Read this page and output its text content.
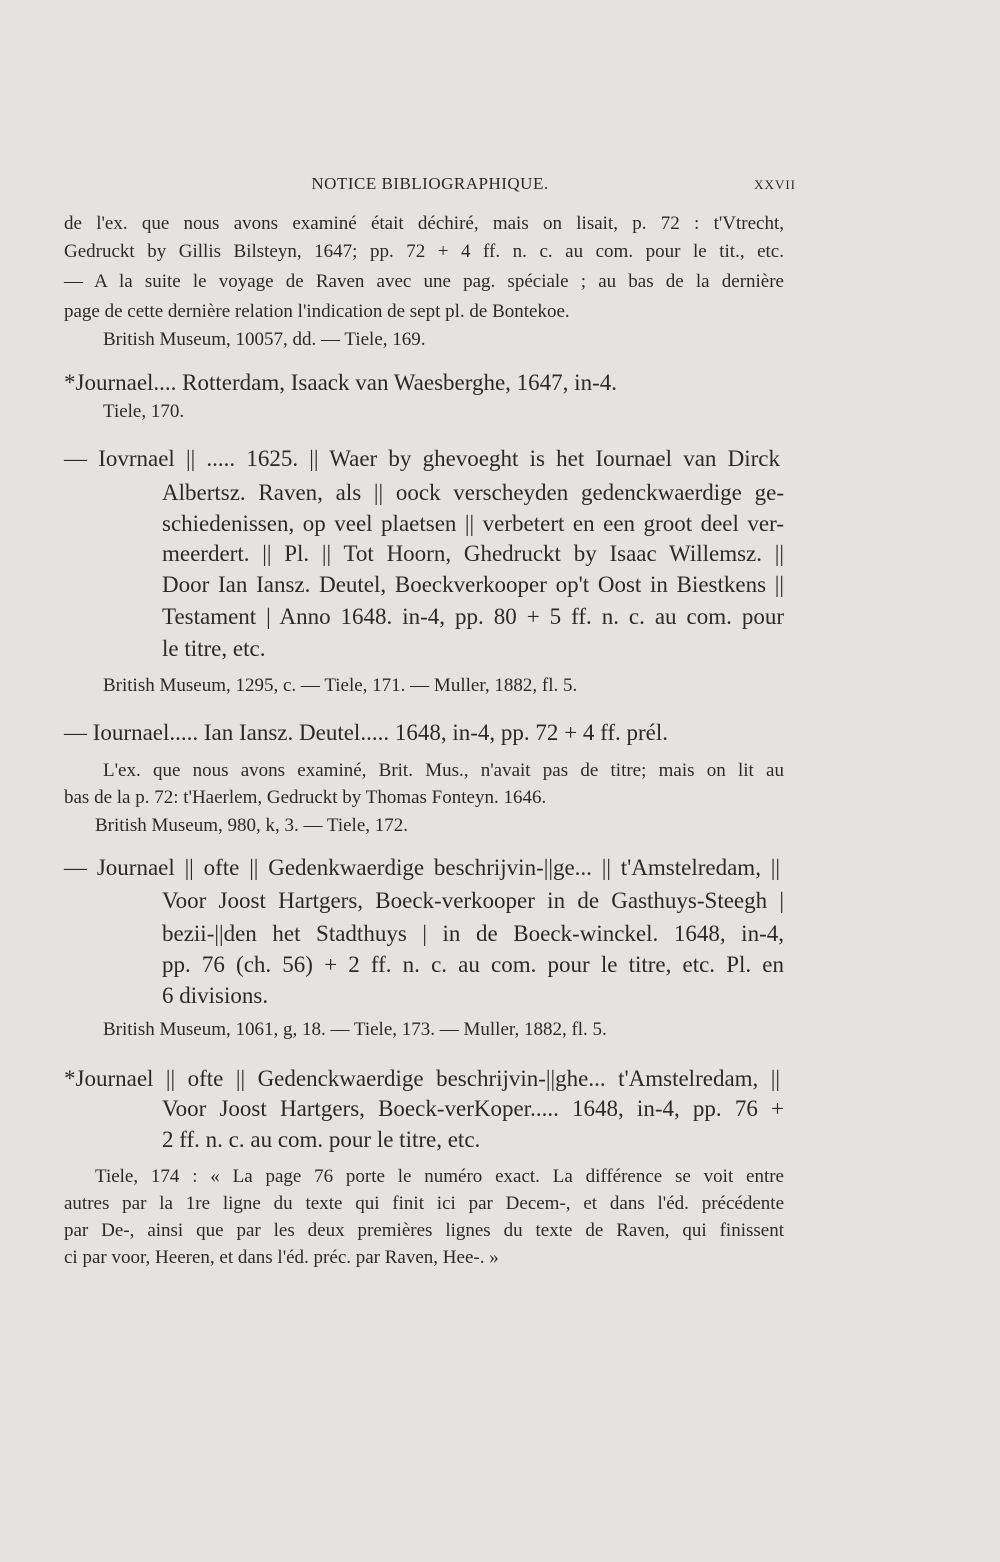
NOTICE BIBLIOGRAPHIQUE.	XXVII
de l'ex. que nous avons examiné était déchiré, mais on lisait, p. 72 : t'Vtrecht,
Gedruckt by Gillis Bilsteyn, 1647; pp. 72 + 4 ff. n. c. au com. pour le tit., etc.
— A la suite le voyage de Raven avec une pag. spéciale ; au bas de la dernière
page de cette dernière relation l'indication de sept pl. de Bontekoe.
British Museum, 10057, dd. — Tiele, 169.
*Journael.... Rotterdam, Isaack van Waesberghe, 1647, in-4.
Tiele, 170.
— Iovrnael || ..... 1625. || Waer by ghevoeght is het Iournael van Dirck
Albertsz. Raven, als || oock verscheyden gedenckwaerdige ge-
schiedenissen, op veel plaetsen || verbetert en een groot deel ver-
meerdert. || Pl. || Tot Hoorn, Ghedruckt by Isaac Willemsz. ||
Door Ian Iansz. Deutel, Boeckverkooper op't Oost in Biestkens ||
Testament | Anno 1648. in-4, pp. 80 + 5 ff. n. c. au com. pour
le titre, etc.
British Museum, 1295, c. — Tiele, 171. — Muller, 1882, fl. 5.
— Iournael..... Ian Iansz. Deutel..... 1648, in-4, pp. 72 + 4 ff. prél.
L'ex. que nous avons examiné, Brit. Mus., n'avait pas de titre; mais on lit au
bas de la p. 72: t'Haerlem, Gedruckt by Thomas Fonteyn. 1646.
British Museum, 980, k, 3. — Tiele, 172.
— Journael || ofte || Gedenkwaerdige beschrijvin-||ge... || t'Amstelredam, ||
Voor Joost Hartgers, Boeck-verkooper in de Gasthuys-Steegh |
bezii-||den het Stadthuys | in de Boeck-winckel. 1648, in-4,
pp. 76 (ch. 56) + 2 ff. n. c. au com. pour le titre, etc. Pl. en
6 divisions.
British Museum, 1061, g, 18. — Tiele, 173. — Muller, 1882, fl. 5.
*Journael || ofte || Gedenckwaerdige beschrijvin-||ghe... t'Amstelredam, ||
Voor Joost Hartgers, Boeck-verKoper..... 1648, in-4, pp. 76 +
2 ff. n. c. au com. pour le titre, etc.
Tiele, 174 : « La page 76 porte le numéro exact. La différence se voit entre
autres par la 1re ligne du texte qui finit ici par Decem-, et dans l'éd. précédente
par De-, ainsi que par les deux premières lignes du texte de Raven, qui finissent
ci par voor, Heeren, et dans l'éd. préc. par Raven, Hee-. »
